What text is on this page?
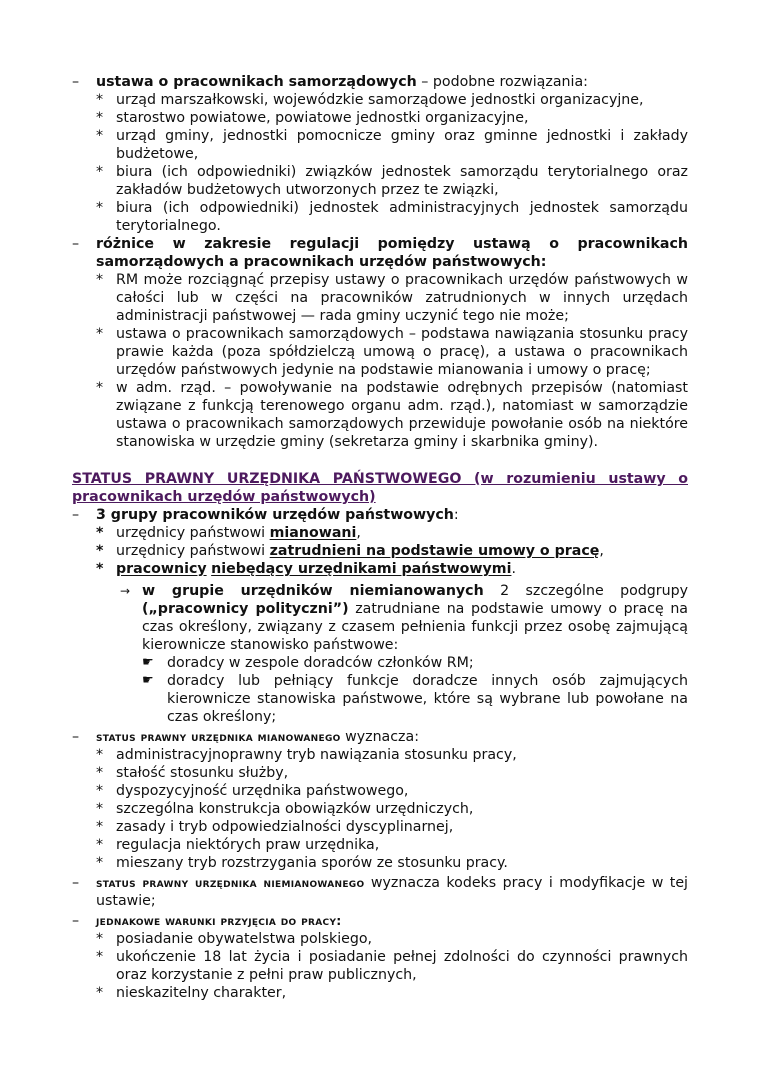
– ustawa o pracownikach samorządowych – podobne rozwiązania:
* urząd marszałkowski, wojewódzkie samorządowe jednostki organizacyjne,
* starostwo powiatowe, powiatowe jednostki organizacyjne,
* urząd gminy, jednostki pomocnicze gminy oraz gminne jednostki i zakłady budżetowe,
* biura (ich odpowiedniki) związków jednostek samorządu terytorialnego oraz zakładów budżetowych utworzonych przez te związki,
* biura (ich odpowiedniki) jednostek administracyjnych jednostek samorządu terytorialnego.
– różnice w zakresie regulacji pomiędzy ustawą o pracownikach samorządowych a pracownikach urzędów państwowych:
* RM może rozciągnąć przepisy ustawy o pracownikach urzędów państwowych w całości lub w części na pracowników zatrudnionych w innych urzędach administracji państwowej — rada gminy uczynić tego nie może;
* ustawa o pracownikach samorządowych – podstawa nawiązania stosunku pracy prawie każda (poza spółdzielczą umową o pracę), a ustawa o pracownikach urzędów państwowych jedynie na podstawie mianowania i umowy o pracę;
* w adm. rząd. – powoływanie na podstawie odrębnych przepisów (natomiast związane z funkcją terenowego organu adm. rząd.), natomiast w samorządzie ustawa o pracownikach samorządowych przewiduje powołanie osób na niektóre stanowiska w urzędzie gminy (sekretarza gminy i skarbnika gminy).
STATUS PRAWNY URZĘDNIKA PAŃSTWOWEGO (w rozumieniu ustawy o pracownikach urzędów państwowych)
– 3 grupy pracowników urzędów państwowych:
* urzędnicy państwowi mianowani,
* urzędnicy państwowi zatrudnieni na podstawie umowy o pracę,
* pracownicy niebędący urzędnikami państwowymi.
→ w grupie urzędników niemianowanych 2 szczególne podgrupy („pracownicy polityczni”) zatrudniane na podstawie umowy o pracę na czas określony, związany z czasem pełnienia funkcji przez osobę zajmującą kierownicze stanowisko państwowe:
☛ doradcy w zespole doradców członków RM;
☛ doradcy lub pełniący funkcje doradcze innych osób zajmujących kierownicze stanowiska państwowe, które są wybrane lub powołane na czas określony;
– status prawny urzędnika mianowanego wyznacza:
* administracyjnoprawny tryb nawiązania stosunku pracy,
* stałość stosunku służby,
* dyspozycyjność urzędnika państwowego,
* szczególna konstrukcja obowiązków urzędniczych,
* zasady i tryb odpowiedzialności dyscyplinarnej,
* regulacja niektórych praw urzędnika,
* mieszany tryb rozstrzygania sporów ze stosunku pracy.
– status prawny urzędnika niemianowanego wyznacza kodeks pracy i modyfikacje w tej ustawie;
– jednakowe warunki przyjęcia do pracy:
* posiadanie obywatelstwa polskiego,
* ukończenie 18 lat życia i posiadanie pełnej zdolności do czynności prawnych oraz korzystanie z pełni praw publicznych,
* nieskazitelny charakter,
